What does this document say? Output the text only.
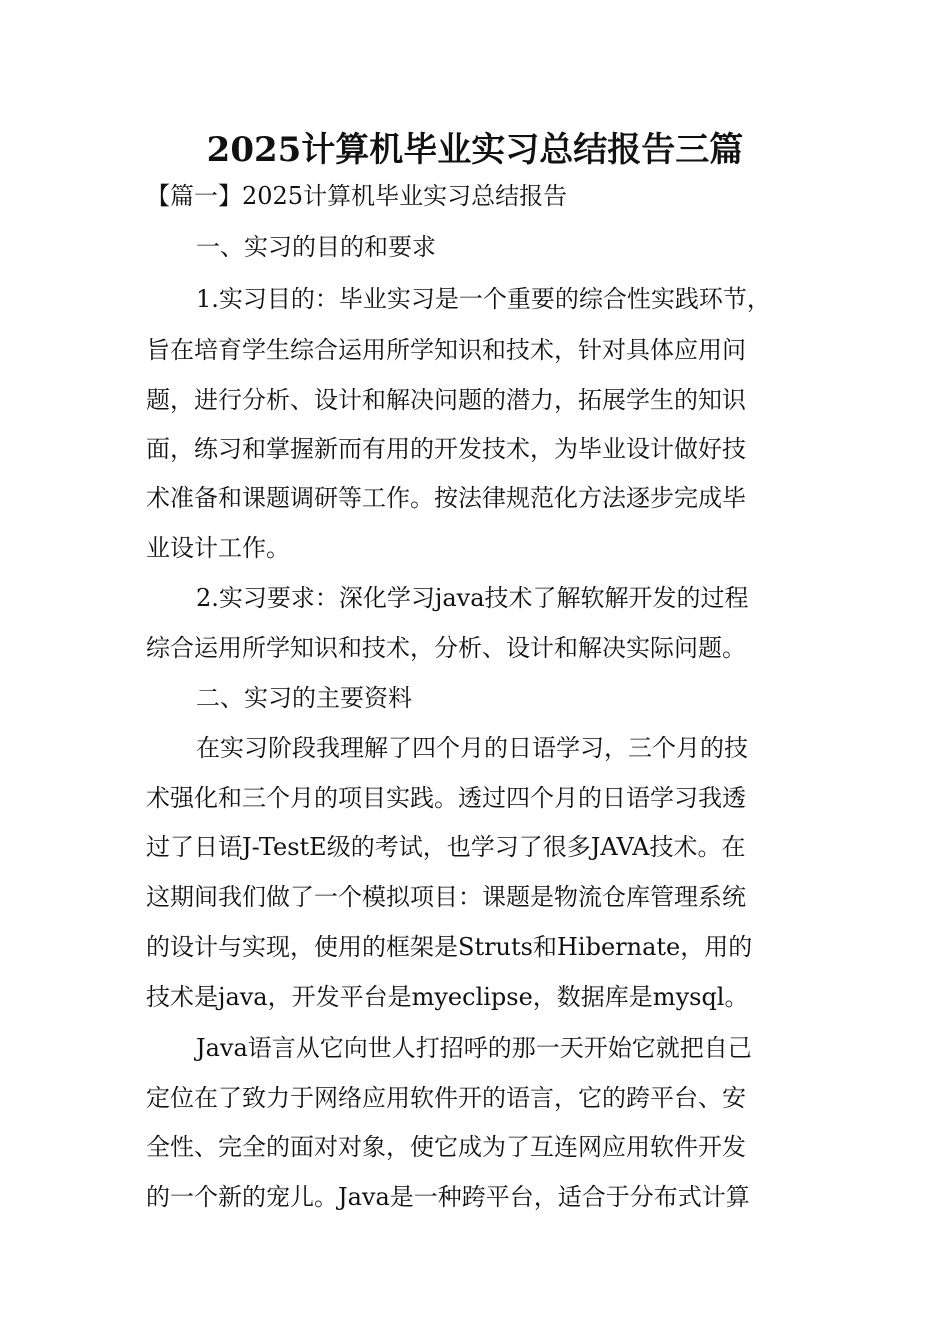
2025计算机毕业实习总结报告三篇
【篇一】2025计算机毕业实习总结报告
一、实习的目的和要求
1.实习目的：毕业实习是一个重要的综合性实践环节，
旨在培育学生综合运用所学知识和技术，针对具体应用问
题，进行分析、设计和解决问题的潜力，拓展学生的知识
面，练习和掌握新而有用的开发技术，为毕业设计做好技
术准备和课题调研等工作。按法律规范化方法逐步完成毕
业设计工作。
2.实习要求：深化学习java技术了解软解开发的过程
综合运用所学知识和技术，分析、设计和解决实际问题。
二、实习的主要资料
在实习阶段我理解了四个月的日语学习，三个月的技
术强化和三个月的项目实践。透过四个月的日语学习我透
过了日语J-TestE级的考试，也学习了很多JAVA技术。在
这期间我们做了一个模拟项目：课题是物流仓库管理系统
的设计与实现，使用的框架是Struts和Hibernate，用的
技术是java，开发平台是myeclipse，数据库是mysql。
Java语言从它向世人打招呼的那一天开始它就把自己
定位在了致力于网络应用软件开的语言，它的跨平台、安
全性、完全的面对对象，使它成为了互连网应用软件开发
的一个新的宠儿。Java是一种跨平台，适合于分布式计算
